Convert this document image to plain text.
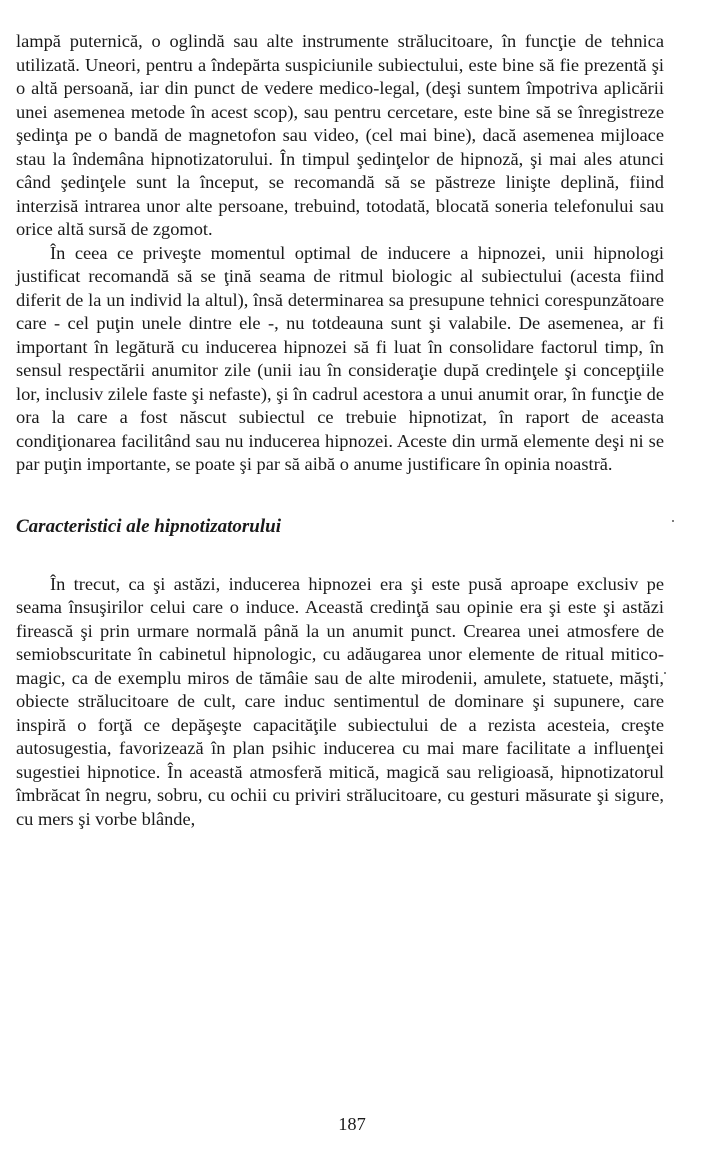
lampă puternică, o oglindă sau alte instrumente strălucitoare, în funcţie de tehnica utilizată. Uneori, pentru a îndepărta suspiciunile subiectului, este bine să fie prezentă şi o altă persoană, iar din punct de vedere medico-legal, (deşi suntem împotriva aplicării unei asemenea metode în acest scop), sau pentru cercetare, este bine să se înregistreze şedinţa pe o bandă de magnetofon sau video, (cel mai bine), dacă asemenea mijloace stau la îndemâna hipnotizatorului. În timpul şedinţelor de hipnoză, şi mai ales atunci când şedinţele sunt la început, se recomandă să se păstreze linişte deplină, fiind interzisă intrarea unor alte persoane, trebuind, totodată, blocată soneria telefonului sau orice altă sursă de zgomot.

În ceea ce priveşte momentul optimal de inducere a hipnozei, unii hipnologi justificat recomandă să se ţină seama de ritmul biologic al subiectului (acesta fiind diferit de la un individ la altul), însă determinarea sa presupune tehnici corespunzătoare care - cel puţin unele dintre ele -, nu totdeauna sunt şi valabile. De asemenea, ar fi important în legătură cu inducerea hipnozei să fi luat în consolidare factorul timp, în sensul respectării anumitor zile (unii iau în consideraţie după credinţele şi concepţiile lor, inclusiv zilele faste şi nefaste), şi în cadrul acestora a unui anumit orar, în funcţie de ora la care a fost născut subiectul ce trebuie hipnotizat, în raport de aceasta condiţionarea facilitând sau nu inducerea hipnozei. Aceste din urmă elemente deşi ni se par puţin importante, se poate şi par să aibă o anume justificare în opinia noastră.

Caracteristici ale hipnotizatorului

În trecut, ca şi astăzi, inducerea hipnozei era şi este pusă aproape exclusiv pe seama însuşirilor celui care o induce. Această credinţă sau opinie era şi este şi astăzi firească şi prin urmare normală până la un anumit punct. Crearea unei atmosfere de semiobscuritate în cabinetul hipnologic, cu adăugarea unor elemente de ritual mitico-magic, ca de exemplu miros de tămâie sau de alte mirodenii, amulete, statuete, măşti, obiecte strălucitoare de cult, care induc sentimentul de dominare şi supunere, care inspiră o forţă ce depăşeşte capacităţile subiectului de a rezista acesteia, creşte autosugestia, favorizează în plan psihic inducerea cu mai mare facilitate a influenţei sugestiei hipnotice. În această atmosferă mitică, magică sau religioasă, hipnotizatorul îmbrăcat în negru, sobru, cu ochii cu priviri strălucitoare, cu gesturi măsurate şi sigure, cu mers şi vorbe blânde,

187
